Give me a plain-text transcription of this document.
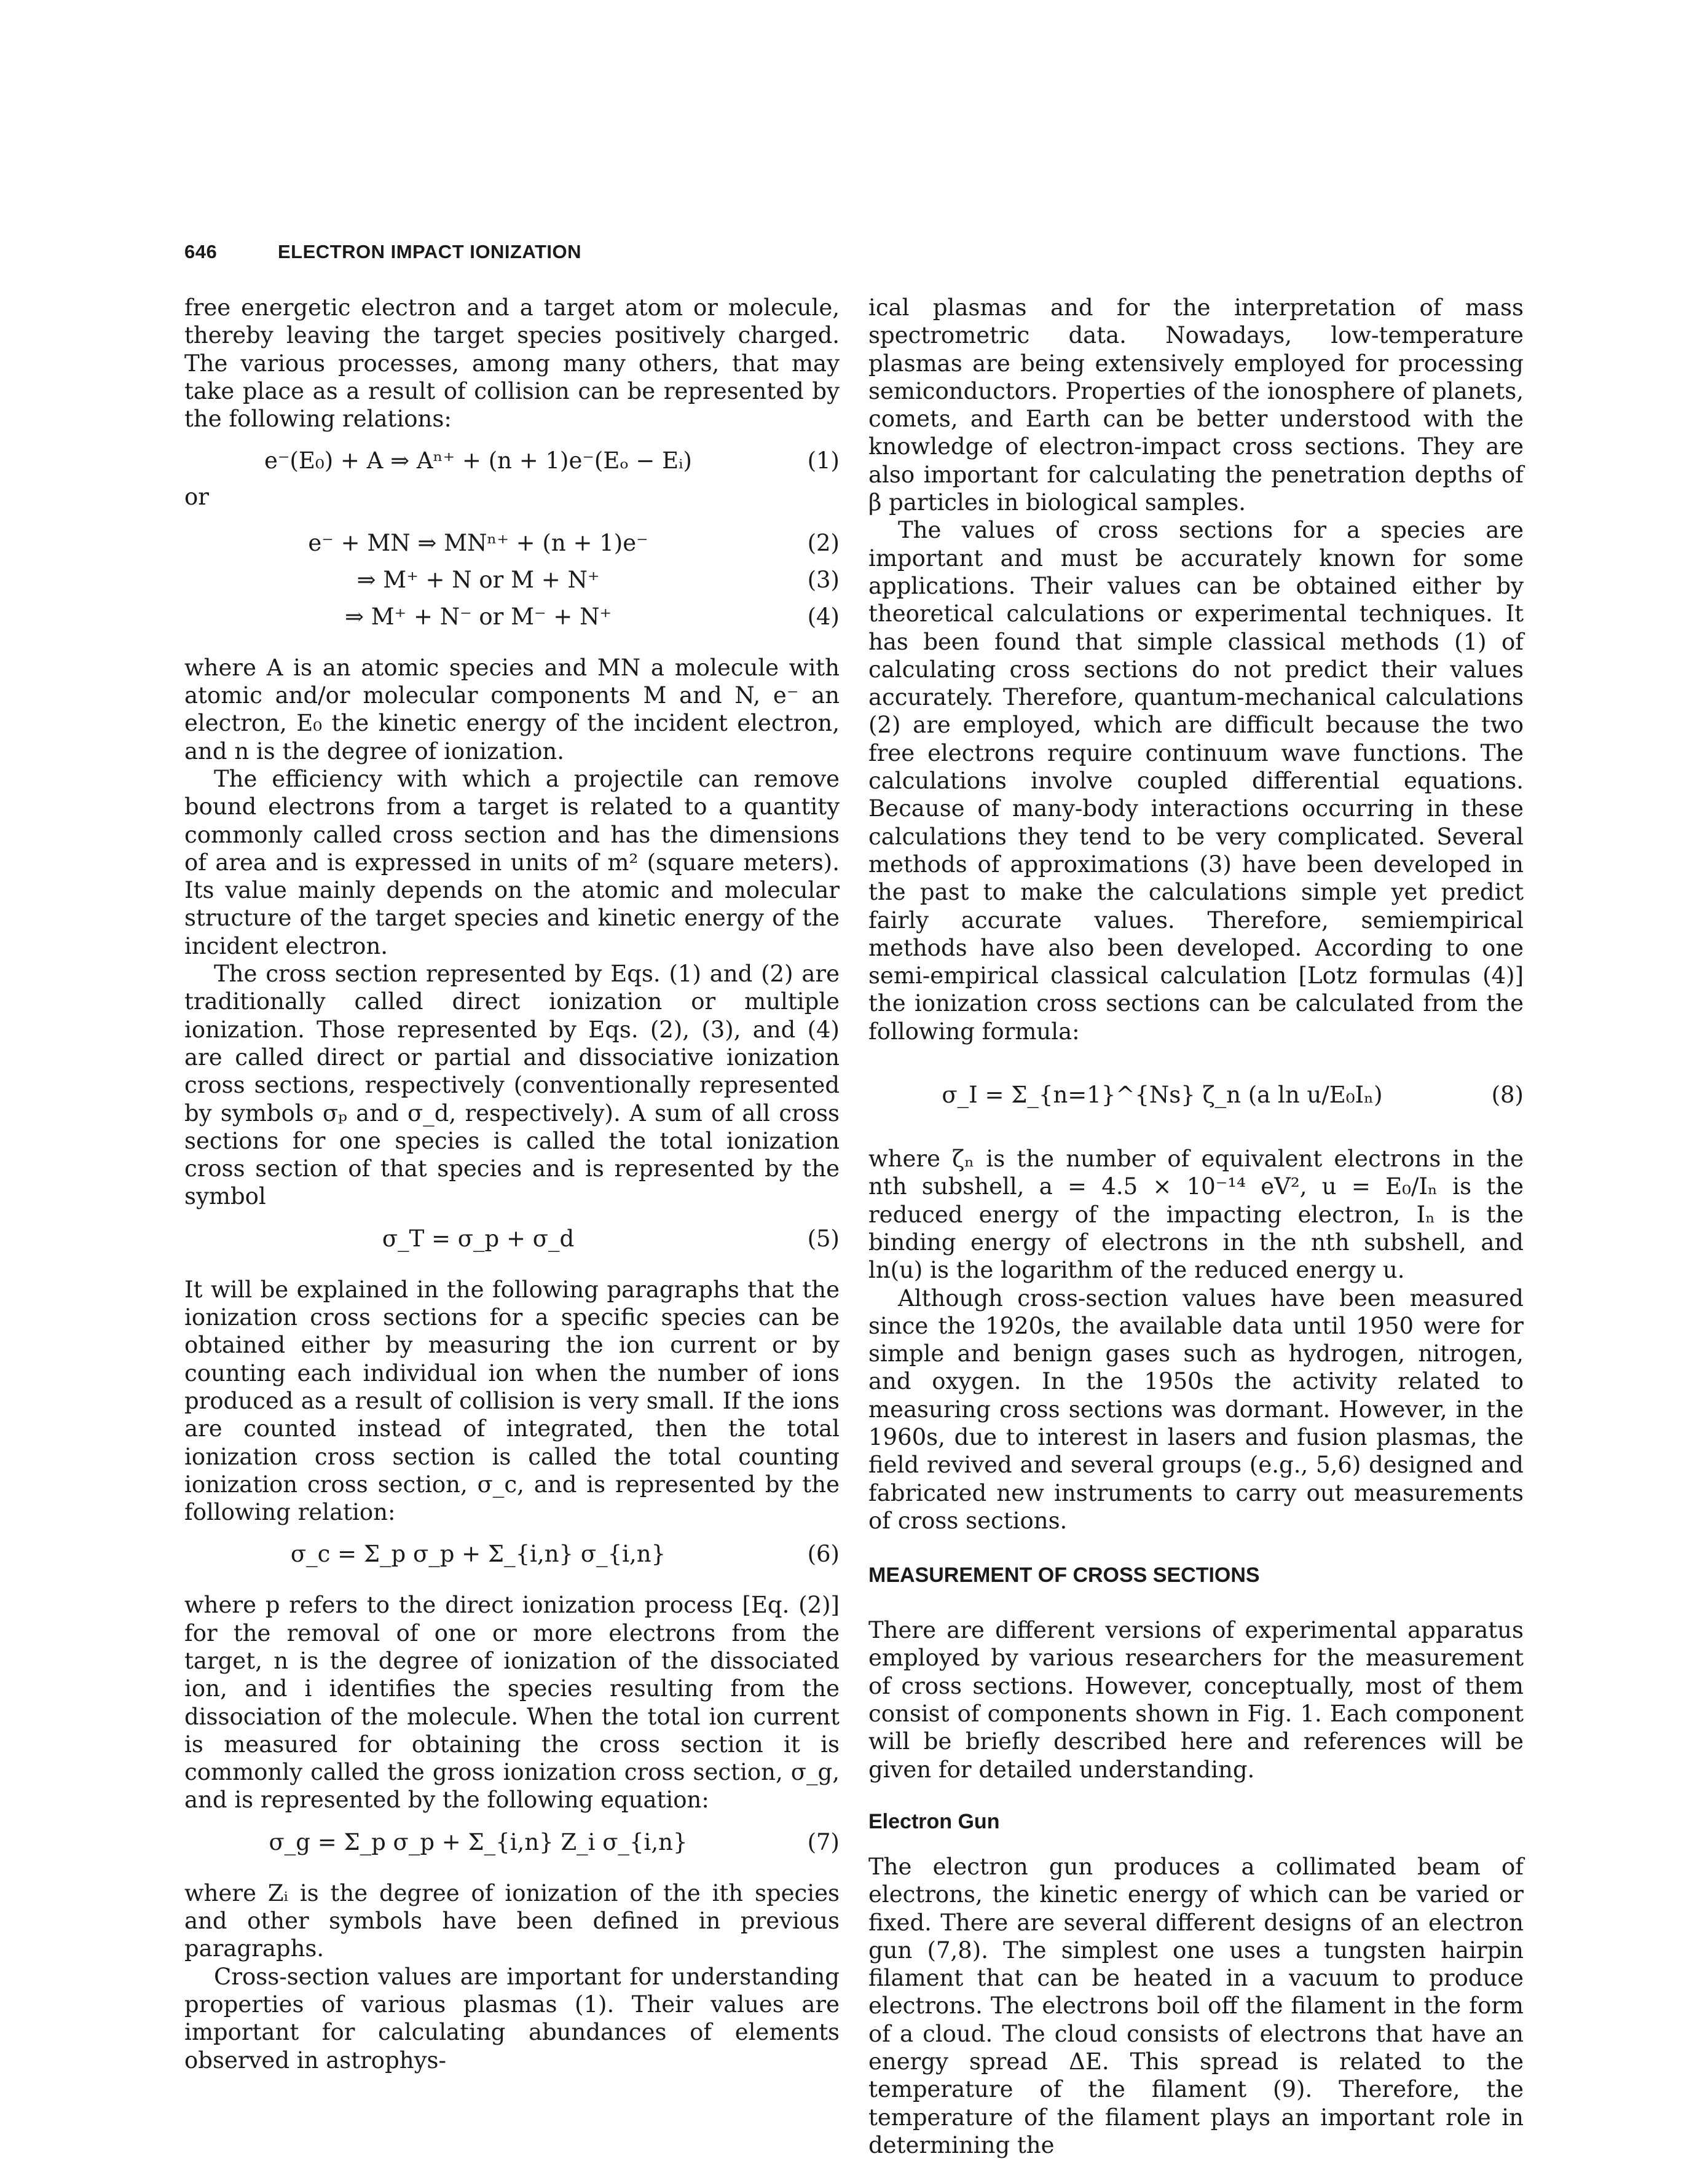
646	ELECTRON IMPACT IONIZATION

free energetic electron and a target atom or molecule, thereby leaving the target species positively charged. The various processes, among many others, that may take place as a result of collision can be represented by the following relations:

e⁻(E₀) + A ⇒ Aⁿ⁺ + (n + 1)e⁻(Eₒ − Eᵢ)	(1)
or
e⁻ + MN ⇒ MNⁿ⁺ + (n + 1)e⁻	(2)
⇒ M⁺ + N or M + N⁺	(3)
⇒ M⁺ + N⁻ or M⁻ + N⁺	(4)

where A is an atomic species and MN a molecule with atomic and/or molecular components M and N, e⁻ an electron, E₀ the kinetic energy of the incident electron, and n is the degree of ionization.

The efficiency with which a projectile can remove bound electrons from a target is related to a quantity commonly called cross section and has the dimensions of area and is expressed in units of m² (square meters). Its value mainly depends on the atomic and molecular structure of the target species and kinetic energy of the incident electron.

The cross section represented by Eqs. (1) and (2) are traditionally called direct ionization or multiple ionization. Those represented by Eqs. (2), (3), and (4) are called direct or partial and dissociative ionization cross sections, respectively (conventionally represented by symbols σₚ and σ_d, respectively). A sum of all cross sections for one species is called the total ionization cross section of that species and is represented by the symbol

σ_T = σ_p + σ_d	(5)

It will be explained in the following paragraphs that the ionization cross sections for a specific species can be obtained either by measuring the ion current or by counting each individual ion when the number of ions produced as a result of collision is very small. If the ions are counted instead of integrated, then the total ionization cross section is called the total counting ionization cross section, σ_c, and is represented by the following relation:

σ_c = Σ_p σ_p + Σ_{i,n} σ_{i,n}	(6)

where p refers to the direct ionization process [Eq. (2)] for the removal of one or more electrons from the target, n is the degree of ionization of the dissociated ion, and i identifies the species resulting from the dissociation of the molecule. When the total ion current is measured for obtaining the cross section it is commonly called the gross ionization cross section, σ_g, and is represented by the following equation:

σ_g = Σ_p σ_p + Σ_{i,n} Z_i σ_{i,n}	(7)

where Zᵢ is the degree of ionization of the ith species and other symbols have been defined in previous paragraphs.

Cross-section values are important for understanding properties of various plasmas (1). Their values are important for calculating abundances of elements observed in astrophys-

ical plasmas and for the interpretation of mass spectrometric data. Nowadays, low-temperature plasmas are being extensively employed for processing semiconductors. Properties of the ionosphere of planets, comets, and Earth can be better understood with the knowledge of electron-impact cross sections. They are also important for calculating the penetration depths of β particles in biological samples.

The values of cross sections for a species are important and must be accurately known for some applications. Their values can be obtained either by theoretical calculations or experimental techniques. It has been found that simple classical methods (1) of calculating cross sections do not predict their values accurately. Therefore, quantum-mechanical calculations (2) are employed, which are difficult because the two free electrons require continuum wave functions. The calculations involve coupled differential equations. Because of many-body interactions occurring in these calculations they tend to be very complicated. Several methods of approximations (3) have been developed in the past to make the calculations simple yet predict fairly accurate values. Therefore, semiempirical methods have also been developed. According to one semi-empirical classical calculation [Lotz formulas (4)] the ionization cross sections can be calculated from the following formula:

σ_I = Σ_{n=1}^{Ns} ζ_n (a ln u/E₀Iₙ)	(8)

where ζₙ is the number of equivalent electrons in the nth subshell, a = 4.5 × 10⁻¹⁴ eV², u = E₀/Iₙ is the reduced energy of the impacting electron, Iₙ is the binding energy of electrons in the nth subshell, and ln(u) is the logarithm of the reduced energy u.

Although cross-section values have been measured since the 1920s, the available data until 1950 were for simple and benign gases such as hydrogen, nitrogen, and oxygen. In the 1950s the activity related to measuring cross sections was dormant. However, in the 1960s, due to interest in lasers and fusion plasmas, the field revived and several groups (e.g., 5,6) designed and fabricated new instruments to carry out measurements of cross sections.

MEASUREMENT OF CROSS SECTIONS

There are different versions of experimental apparatus employed by various researchers for the measurement of cross sections. However, conceptually, most of them consist of components shown in Fig. 1. Each component will be briefly described here and references will be given for detailed understanding.

Electron Gun

The electron gun produces a collimated beam of electrons, the kinetic energy of which can be varied or fixed. There are several different designs of an electron gun (7,8). The simplest one uses a tungsten hairpin filament that can be heated in a vacuum to produce electrons. The electrons boil off the filament in the form of a cloud. The cloud consists of electrons that have an energy spread ΔE. This spread is related to the temperature of the filament (9). Therefore, the temperature of the filament plays an important role in determining the
